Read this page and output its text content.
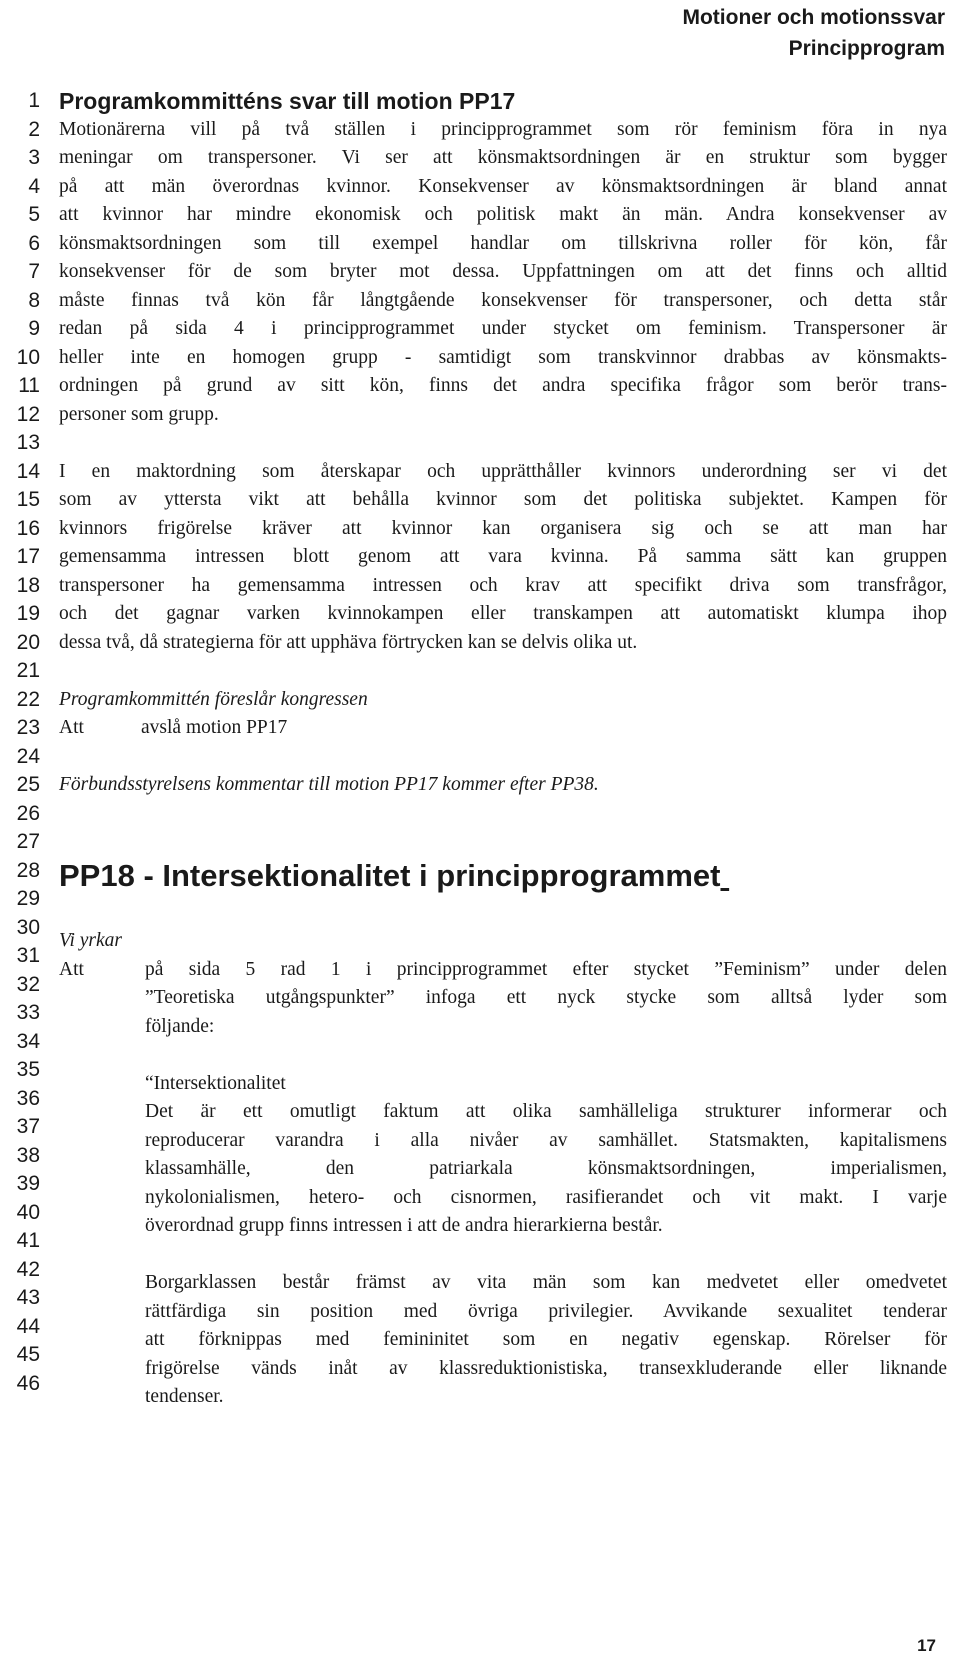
Motioner och motionssvar
Principprogram
1
2
3
4
5
6
7
8
9
10
11
12
13
14
15
16
17
18
19
20
21
22
23
24
25
26
27
28
29
30
31
32
33
34
35
36
37
38
39
40
41
42
43
44
45
46
Programkommitténs svar till motion PP17
Motionärerna vill på två ställen i principprogrammet som rör feminism föra in nya
meningar om transpersoner. Vi ser att könsmaktsordningen är en struktur som bygger
på att män överordnas kvinnor. Konsekvenser av könsmaktsordningen är bland annat
att kvinnor har mindre ekonomisk och politisk makt än män. Andra konsekvenser av
könsmaktsordningen som till exempel handlar om tillskrivna roller för kön, får
konsekvenser för de som bryter mot dessa. Uppfattningen om att det finns och alltid
måste finnas två kön får långtgående konsekvenser för transpersoner, och detta står
redan på sida 4 i principprogrammet under stycket om feminism. Transpersoner är
heller inte en homogen grupp - samtidigt som transkvinnor drabbas av könsmakts-
ordningen på grund av sitt kön, finns det andra specifika frågor som berör trans-
personer som grupp.
I en maktordning som återskapar och upprätthåller kvinnors underordning ser vi det
som av yttersta vikt att behålla kvinnor som det politiska subjektet. Kampen för
kvinnors frigörelse kräver att kvinnor kan organisera sig och se att man har
gemensamma intressen blott genom att vara kvinna. På samma sätt kan gruppen
transpersoner ha gemensamma intressen och krav att specifikt driva som transfrågor,
och det gagnar varken kvinnokampen eller transkampen att automatiskt klumpa ihop
dessa två, då strategierna för att upphäva förtrycken kan se delvis olika ut.
Programkommittén föreslår kongressen
Att	avslå motion PP17
Förbundsstyrelsens kommentar till motion PP17 kommer efter PP38.
PP18 - Intersektionalitet i principprogrammet
Vi yrkar
Att	på sida 5 rad 1 i principprogrammet efter stycket ”Feminism” under delen
”Teoretiska utgångspunkter” infoga ett nyck stycke som alltså lyder som
följande:
“Intersektionalitet
Det är ett omutligt faktum att olika samhälleliga strukturer informerar och
reproducerar varandra i alla nivåer av samhället. Statsmakten, kapitalismens
klassamhälle, den patriarkala könsmaktsordningen, imperialismen,
nykolonialismen, hetero- och cisnormen, rasifierandet och vit makt. I varje
överordnad grupp finns intressen i att de andra hierarkierna består.
Borgarklassen består främst av vita män som kan medvetet eller omedvetet
rättfärdiga sin position med övriga privilegier. Avvikande sexualitet tenderar
att förknippas med femininitet som en negativ egenskap. Rörelser för
frigörelse vänds inåt av klassreduktionistiska, transexkluderande eller liknande
tendenser.
17
